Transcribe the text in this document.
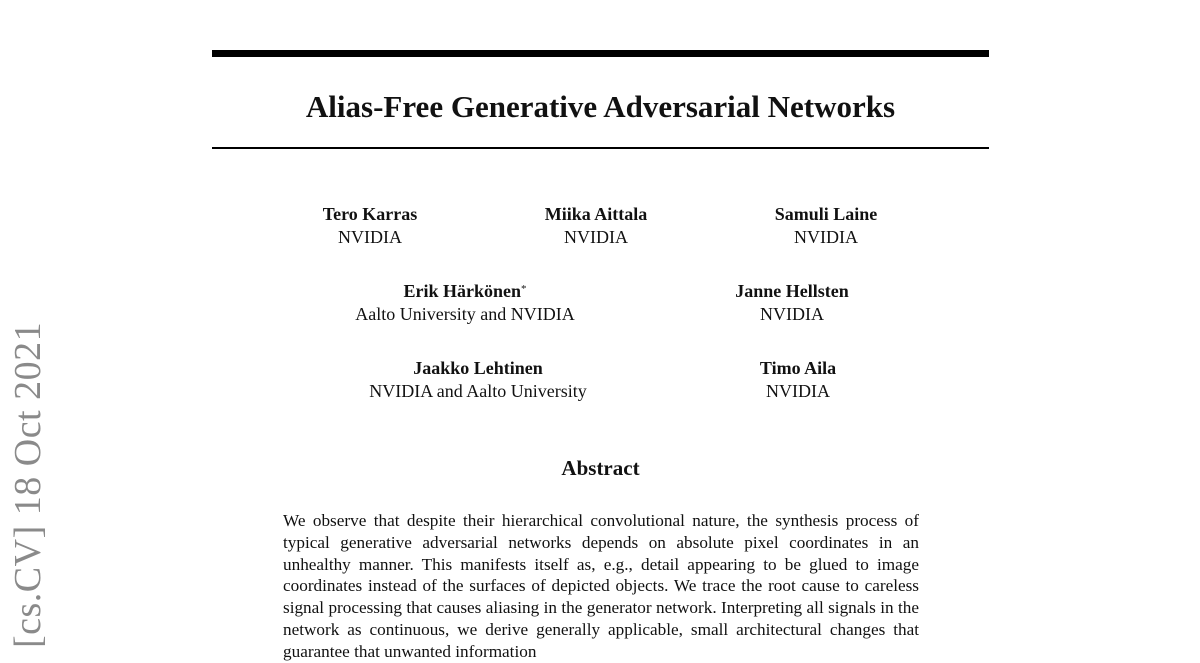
[cs.CV] 18 Oct 2021
Alias-Free Generative Adversarial Networks
Tero Karras
NVIDIA
Miika Aittala
NVIDIA
Samuli Laine
NVIDIA
Erik Härkönen*
Aalto University and NVIDIA
Janne Hellsten
NVIDIA
Jaakko Lehtinen
NVIDIA and Aalto University
Timo Aila
NVIDIA
Abstract

We observe that despite their hierarchical convolutional nature, the synthesis process of typical generative adversarial networks depends on absolute pixel coordinates in an unhealthy manner. This manifests itself as, e.g., detail appearing to be glued to image coordinates instead of the surfaces of depicted objects. We trace the root cause to careless signal processing that causes aliasing in the generator network. Interpreting all signals in the network as continuous, we derive generally applicable, small architectural changes that guarantee that unwanted information
